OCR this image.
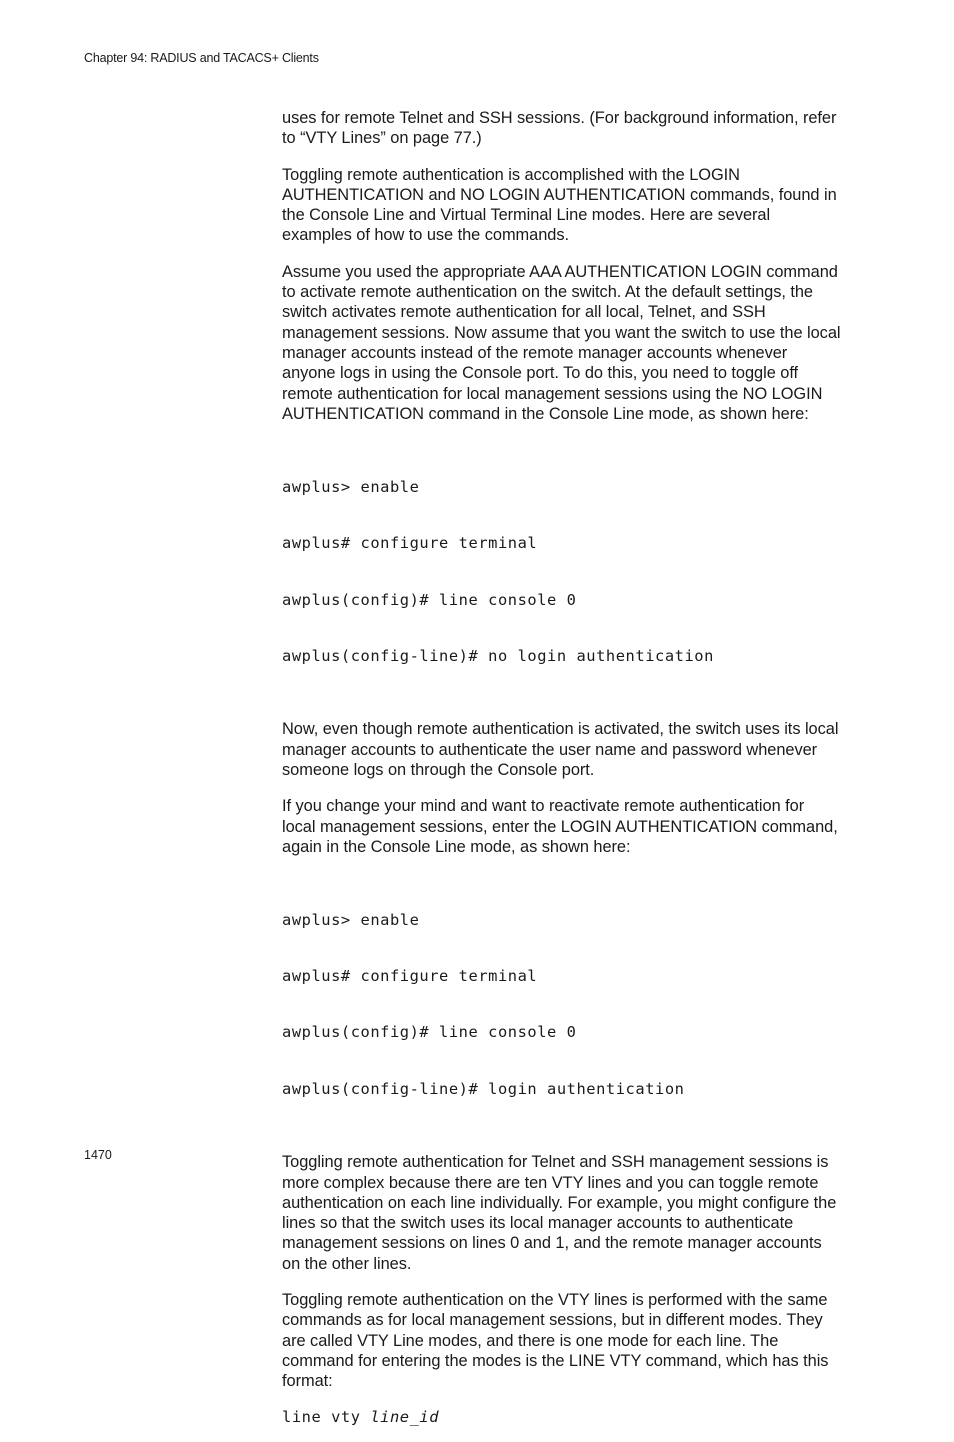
Chapter 94: RADIUS and TACACS+ Clients

uses for remote Telnet and SSH sessions. (For background information, refer to “VTY Lines” on page 77.)

Toggling remote authentication is accomplished with the LOGIN AUTHENTICATION and NO LOGIN AUTHENTICATION commands, found in the Console Line and Virtual Terminal Line modes. Here are several examples of how to use the commands.

Assume you used the appropriate AAA AUTHENTICATION LOGIN command to activate remote authentication on the switch. At the default settings, the switch activates remote authentication for all local, Telnet, and SSH management sessions. Now assume that you want the switch to use the local manager accounts instead of the remote manager accounts whenever anyone logs in using the Console port. To do this, you need to toggle off remote authentication for local management sessions using the NO LOGIN AUTHENTICATION command in the Console Line mode, as shown here:

awplus> enable

awplus# configure terminal

awplus(config)# line console 0

awplus(config-line)# no login authentication

Now, even though remote authentication is activated, the switch uses its local manager accounts to authenticate the user name and password whenever someone logs on through the Console port.

If you change your mind and want to reactivate remote authentication for local management sessions, enter the LOGIN AUTHENTICATION command, again in the Console Line mode, as shown here:

awplus> enable

awplus# configure terminal

awplus(config)# line console 0

awplus(config-line)# login authentication

Toggling remote authentication for Telnet and SSH management sessions is more complex because there are ten VTY lines and you can toggle remote authentication on each line individually. For example, you might configure the lines so that the switch uses its local manager accounts to authenticate management sessions on lines 0 and 1, and the remote manager accounts on the other lines.

Toggling remote authentication on the VTY lines is performed with the same commands as for local management sessions, but in different modes. They are called VTY Line modes, and there is one mode for each line. The command for entering the modes is the LINE VTY command, which has this format:

line vty line_id
1470
